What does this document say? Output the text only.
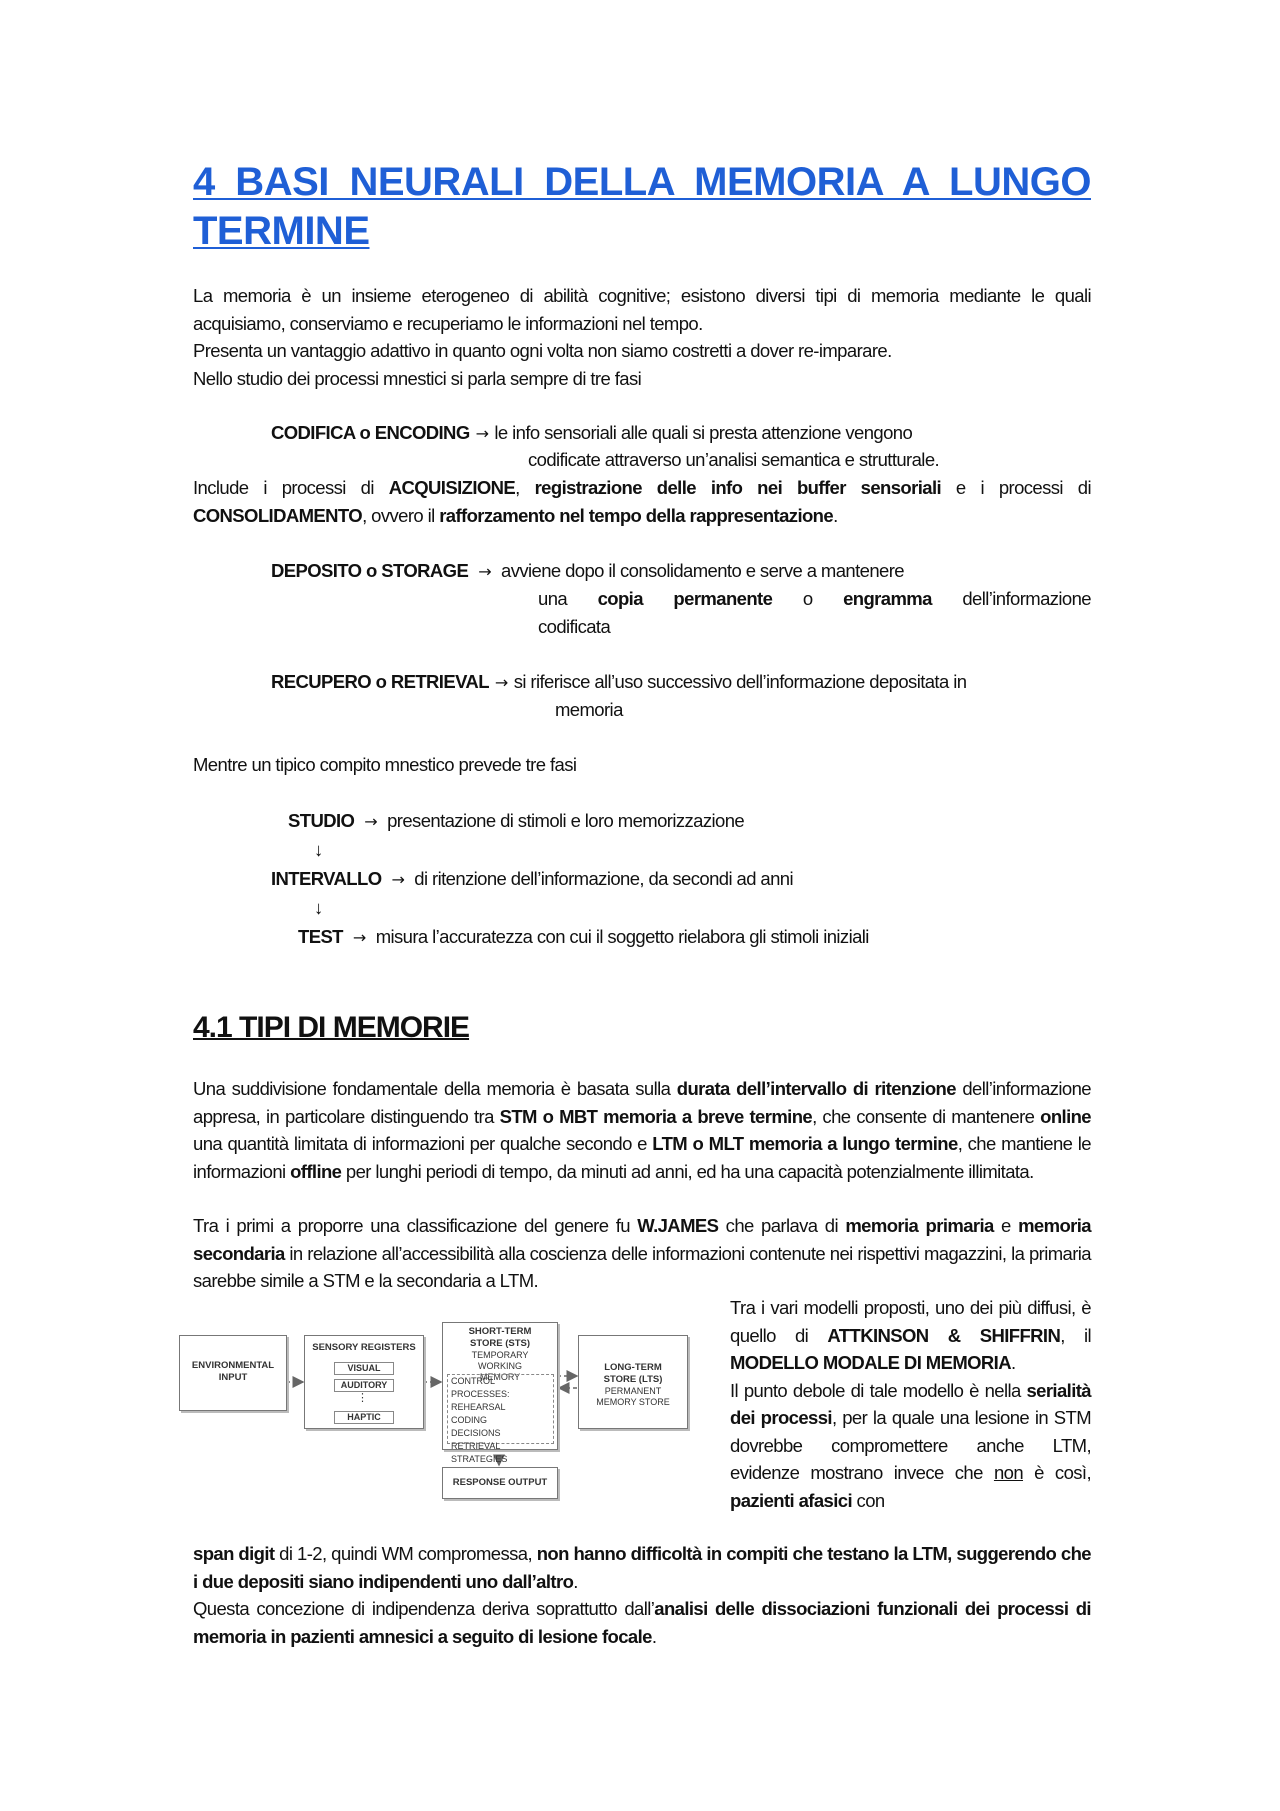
4 BASI NEURALI DELLA MEMORIA A LUNGO TERMINE
La memoria è un insieme eterogeneo di abilità cognitive; esistono diversi tipi di memoria mediante le quali
acquisiamo, conserviamo e recuperiamo le informazioni nel tempo.
Presenta un vantaggio adattivo in quanto ogni volta non siamo costretti a dover re-imparare.
Nello studio dei processi mnestici si parla sempre di tre fasi
CODIFICA o ENCODING → le info sensoriali alle quali si presta attenzione vengono
codificate attraverso un’analisi semantica e strutturale.
Include i processi di ACQUISIZIONE, registrazione delle info nei buffer sensoriali e i processi di
CONSOLIDAMENTO, ovvero il rafforzamento nel tempo della rappresentazione.
DEPOSITO o STORAGE → avviene dopo il consolidamento e serve a mantenere
una copia permanente o engramma dell’informazione
codificata
RECUPERO o RETRIEVAL → si riferisce all’uso successivo dell’informazione depositata in
memoria
Mentre un tipico compito mnestico prevede tre fasi
STUDIO → presentazione di stimoli e loro memorizzazione
↓
INTERVALLO → di ritenzione dell’informazione, da secondi ad anni
↓
TEST → misura l’accuratezza con cui il soggetto rielabora gli stimoli iniziali
4.1 TIPI DI MEMORIE
Una suddivisione fondamentale della memoria è basata sulla durata dell’intervallo di ritenzione dell’informazione appresa, in particolare distinguendo tra STM o MBT memoria a breve termine, che consente di mantenere online una quantità limitata di informazioni per qualche secondo e LTM o MLT memoria a lungo termine, che mantiene le informazioni offline per lunghi periodi di tempo, da minuti ad anni, ed ha una capacità potenzialmente illimitata.
Tra i primi a proporre una classificazione del genere fu W.JAMES che parlava di memoria primaria e memoria secondaria in relazione all’accessibilità alla coscienza delle informazioni contenute nei rispettivi magazzini, la primaria sarebbe simile a STM e la secondaria a LTM.
Tra i vari modelli proposti, uno dei più diffusi, è quello di ATTKINSON & SHIFFRIN, il MODELLO MODALE DI MEMORIA.
Il punto debole di tale modello è nella serialità dei processi, per la quale una lesione in STM dovrebbe compromettere anche LTM, evidenze mostrano invece che non è così, pazienti afasici con
ENVIRONMENTAL INPUT
SENSORY REGISTERS
VISUAL
AUDITORY
⋮
HAPTIC
SHORT-TERM STORE (STS)
TEMPORARY WORKING MEMORY
CONTROL PROCESSES:
REHEARSAL
CODING
DECISIONS
RETRIEVAL STRATEGIES
LONG-TERM STORE (LTS)
PERMANENT MEMORY STORE
RESPONSE OUTPUT
span digit di 1-2, quindi WM compromessa, non hanno difficoltà in compiti che testano la LTM, suggerendo che i due depositi siano indipendenti uno dall’altro.
Questa concezione di indipendenza deriva soprattutto dall’analisi delle dissociazioni funzionali dei processi di memoria in pazienti amnesici a seguito di lesione focale.
